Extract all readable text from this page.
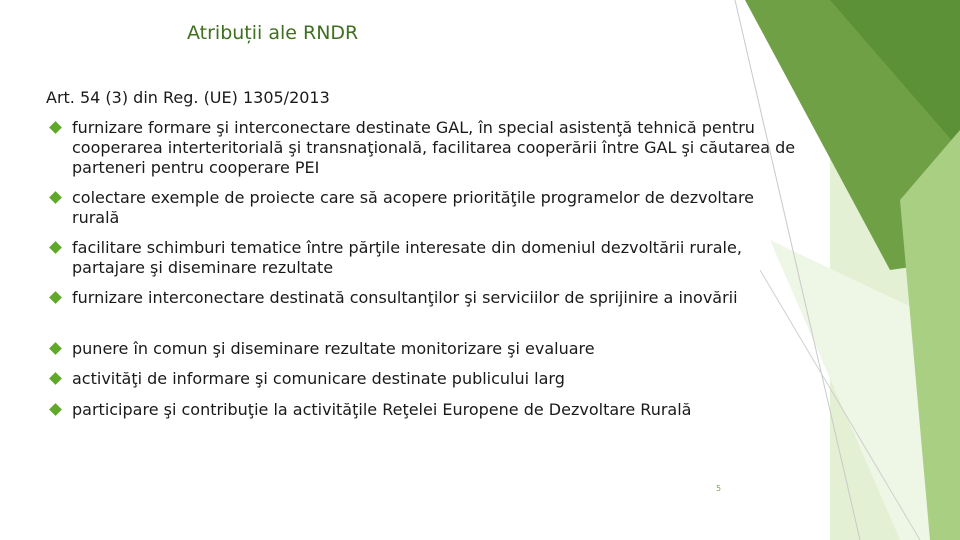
Atribuții ale RNDR
Art. 54 (3) din Reg. (UE) 1305/2013
furnizare formare şi interconectare destinate GAL, în special asistenţă tehnică pentru cooperarea interteritorială şi transnaţională, facilitarea cooperării între GAL şi căutarea de parteneri pentru cooperare PEI
colectare exemple de proiecte care să acopere priorităţile programelor de dezvoltare rurală
facilitare schimburi tematice între părţile interesate din domeniul dezvoltării rurale, partajare şi diseminare rezultate
furnizare interconectare destinată consultanţilor şi serviciilor de sprijinire a inovării
punere în comun şi diseminare rezultate monitorizare şi evaluare
activităţi de informare şi comunicare destinate publicului larg
participare şi contribuţie la activităţile Reţelei Europene de Dezvoltare Rurală
5
